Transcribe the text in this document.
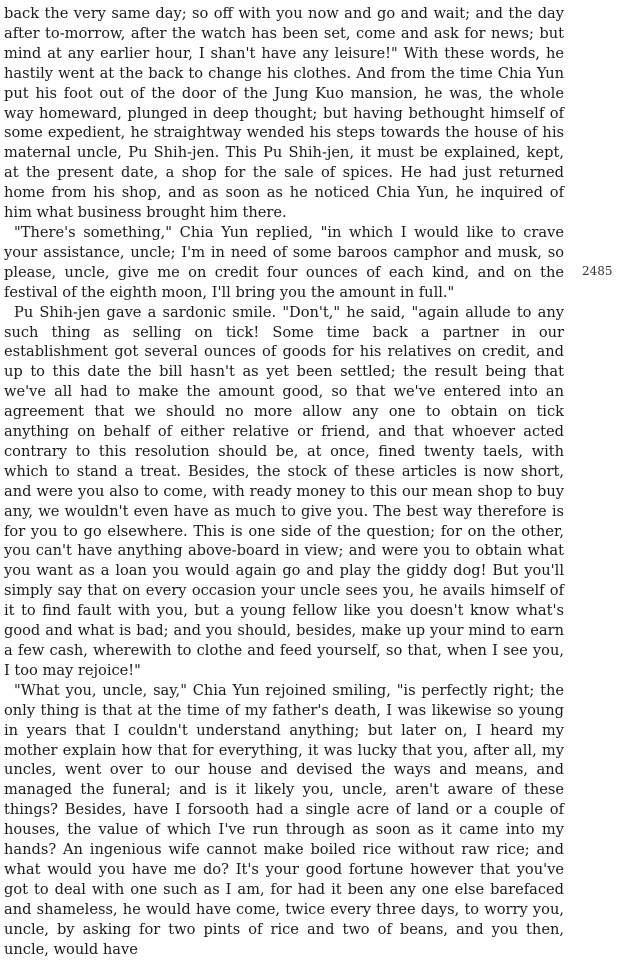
back the very same day; so off with you now and go and wait; and the day after to-morrow, after the watch has been set, come and ask for news; but mind at any earlier hour, I shan't have any leisure!" With these words, he hastily went at the back to change his clothes. And from the time Chia Yun put his foot out of the door of the Jung Kuo mansion, he was, the whole way homeward, plunged in deep thought; but having bethought himself of some expedient, he straightway wended his steps towards the house of his maternal uncle, Pu Shih-jen. This Pu Shih-jen, it must be explained, kept, at the present date, a shop for the sale of spices. He had just returned home from his shop, and as soon as he noticed Chia Yun, he inquired of him what business brought him there.

"There's something," Chia Yun replied, "in which I would like to crave your assistance, uncle; I'm in need of some baroos camphor and musk, so please, uncle, give me on credit four ounces of each kind, and on the festival of the eighth moon, I'll bring you the amount in full."

Pu Shih-jen gave a sardonic smile. "Don't," he said, "again allude to any such thing as selling on tick! Some time back a partner in our establishment got several ounces of goods for his relatives on credit, and up to this date the bill hasn't as yet been settled; the result being that we've all had to make the amount good, so that we've entered into an agreement that we should no more allow any one to obtain on tick anything on behalf of either relative or friend, and that whoever acted contrary to this resolution should be, at once, fined twenty taels, with which to stand a treat. Besides, the stock of these articles is now short, and were you also to come, with ready money to this our mean shop to buy any, we wouldn't even have as much to give you. The best way therefore is for you to go elsewhere. This is one side of the question; for on the other, you can't have anything above-board in view; and were you to obtain what you want as a loan you would again go and play the giddy dog! But you'll simply say that on every occasion your uncle sees you, he avails himself of it to find fault with you, but a young fellow like you doesn't know what's good and what is bad; and you should, besides, make up your mind to earn a few cash, wherewith to clothe and feed yourself, so that, when I see you, I too may rejoice!"

"What you, uncle, say," Chia Yun rejoined smiling, "is perfectly right; the only thing is that at the time of my father's death, I was likewise so young in years that I couldn't understand anything; but later on, I heard my mother explain how that for everything, it was lucky that you, after all, my uncles, went over to our house and devised the ways and means, and managed the funeral; and is it likely you, uncle, aren't aware of these things? Besides, have I forsooth had a single acre of land or a couple of houses, the value of which I've run through as soon as it came into my hands? An ingenious wife cannot make boiled rice without raw rice; and what would you have me do? It's your good fortune however that you've got to deal with one such as I am, for had it been any one else barefaced and shameless, he would have come, twice every three days, to worry you, uncle, by asking for two pints of rice and two of beans, and you then, uncle, would have

2485
